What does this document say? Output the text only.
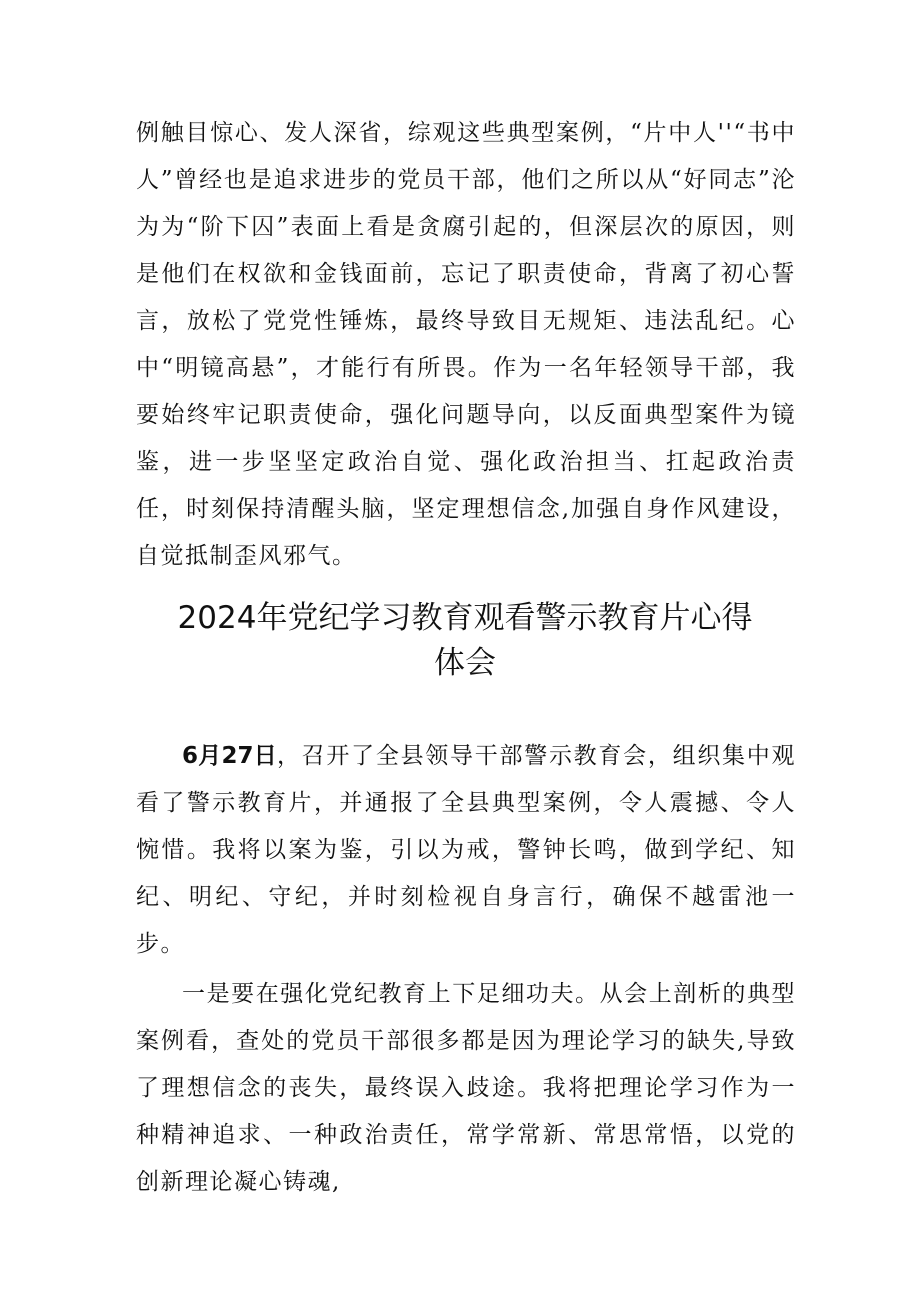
例触目惊心、发人深省，综观这些典型案例，“片中人''“书中人”曾经也是追求进步的党员干部，他们之所以从“好同志”沦为为“阶下囚”表面上看是贪腐引起的，但深层次的原因，则是他们在权欲和金钱面前，忘记了职责使命，背离了初心誓言，放松了党党性锤炼，最终导致目无规矩、违法乱纪。心中“明镜高悬”，才能行有所畏。作为一名年轻领导干部，我要始终牢记职责使命，强化问题导向，以反面典型案件为镜鉴，进一步坚坚定政治自觉、强化政治担当、扛起政治责任，时刻保持清醒头脑，坚定理想信念,加强自身作风建设，自觉抵制歪风邪气。

2024年党纪学习教育观看警示教育片心得
体会

6月27日，召开了全县领导干部警示教育会，组织集中观看了警示教育片，并通报了全县典型案例，令人震撼、令人惋惜。我将以案为鉴，引以为戒，警钟长鸣，做到学纪、知纪、明纪、守纪，并时刻检视自身言行，确保不越雷池一步。

一是要在强化党纪教育上下足细功夫。从会上剖析的典型案例看，查处的党员干部很多都是因为理论学习的缺失,导致了理想信念的丧失，最终误入歧途。我将把理论学习作为一种精神追求、一种政治责任，常学常新、常思常悟，以党的创新理论凝心铸魂,
